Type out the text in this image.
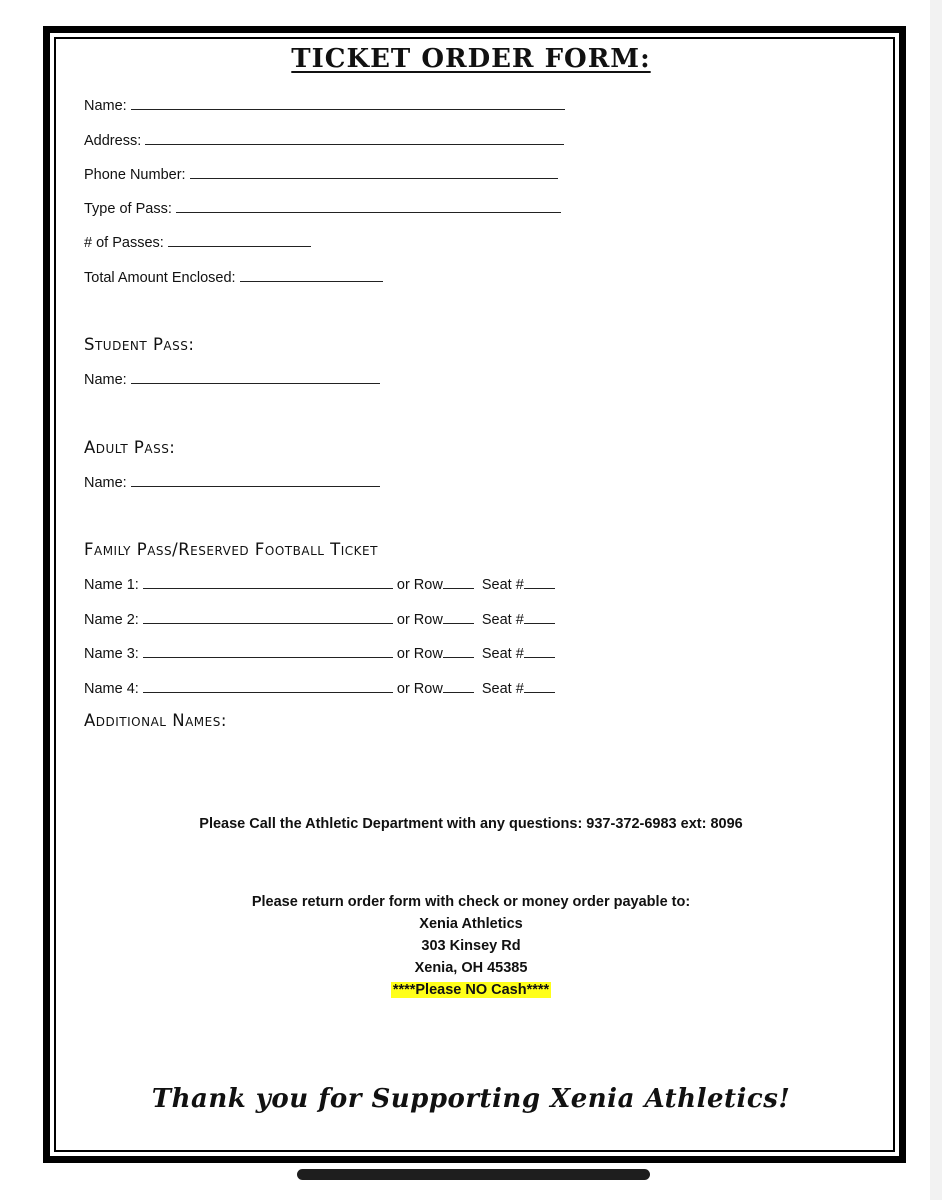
TICKET ORDER FORM:
Name:
Address:
Phone Number:
Type of Pass:
# of Passes:
Total Amount Enclosed:
Student Pass:
Name:
Adult Pass:
Name:
Family Pass/Reserved Football Ticket
Name 1:	or Row	Seat #
Name 2:	or Row	Seat #
Name 3:	or Row	Seat #
Name 4:	or Row	Seat #
Additional Names:
Please Call the Athletic Department with any questions: 937-372-6983 ext: 8096
Please return order form with check or money order payable to:
Xenia Athletics
303 Kinsey Rd
Xenia, OH 45385
****Please NO Cash****
Thank you for Supporting Xenia Athletics!
